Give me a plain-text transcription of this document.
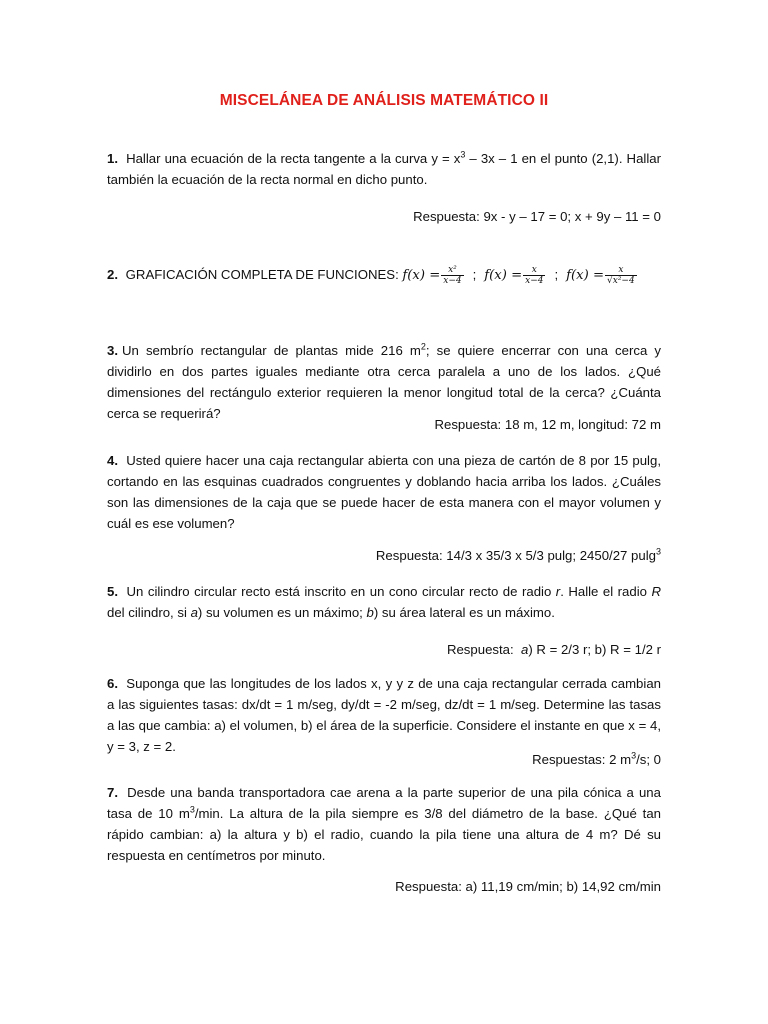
MISCELÁNEA DE ANÁLISIS MATEMÁTICO II
1. Hallar una ecuación de la recta tangente a la curva $y = x^3 - 3x - 1$ en el punto (2,1). Hallar también la ecuación de la recta normal en dicho punto.
Respuesta: 9x - y – 17 = 0; x + 9y – 11 = 0
2. GRAFICACIÓN COMPLETA DE FUNCIONES: $f(x) = \frac{\text{x²}}{x-4}$ ; $f(x) = \frac{x}{x-4}$ ; $f(x) = \frac{x}{\text{√x²−4}}$
3. Un sembrío rectangular de plantas mide 216 $m^2$; se quiere encerrar con una cerca y dividirlo en dos partes iguales mediante otra cerca paralela a uno de los lados. ¿Qué dimensiones del rectángulo exterior requieren la menor longitud total de la cerca? ¿Cuánta cerca se requerirá?
Respuesta: 18 m, 12 m, longitud: 72 m
4. Usted quiere hacer una caja rectangular abierta con una pieza de cartón de 8 por 15 pulg, cortando en las esquinas cuadrados congruentes y doblando hacia arriba los lados. ¿Cuáles son las dimensiones de la caja que se puede hacer de esta manera con el mayor volumen y cuál es ese volumen?
Respuesta: 14/3 x 35/3 x 5/3 pulg; 2450/27 pulg$^3$
5. Un cilindro circular recto está inscrito en un cono circular recto de radio r. Halle el radio R del cilindro, si a) su volumen es un máximo; b) su área lateral es un máximo.
Respuesta:  a) R = 2/3 r; b) R = 1/2 r
6. Suponga que las longitudes de los lados x, y y z de una caja rectangular cerrada cambian a las siguientes tasas: dx/dt = 1 m/seg, dy/dt = -2 m/seg, dz/dt = 1 m/seg. Determine las tasas a las que cambia: a) el volumen, b) el área de la superficie. Considere el instante en que x = 4, y = 3, z = 2.
Respuestas: 2 $m^3/s$; 0
7. Desde una banda transportadora cae arena a la parte superior de una pila cónica a una tasa de 10 $m^3/\min$. La altura de la pila siempre es 3/8 del diámetro de la base. ¿Qué tan rápido cambian: a) la altura y b) el radio, cuando la pila tiene una altura de 4 m? Dé su respuesta en centímetros por minuto.
Respuesta: a) 11,19 cm/min; b) 14,92 cm/min
